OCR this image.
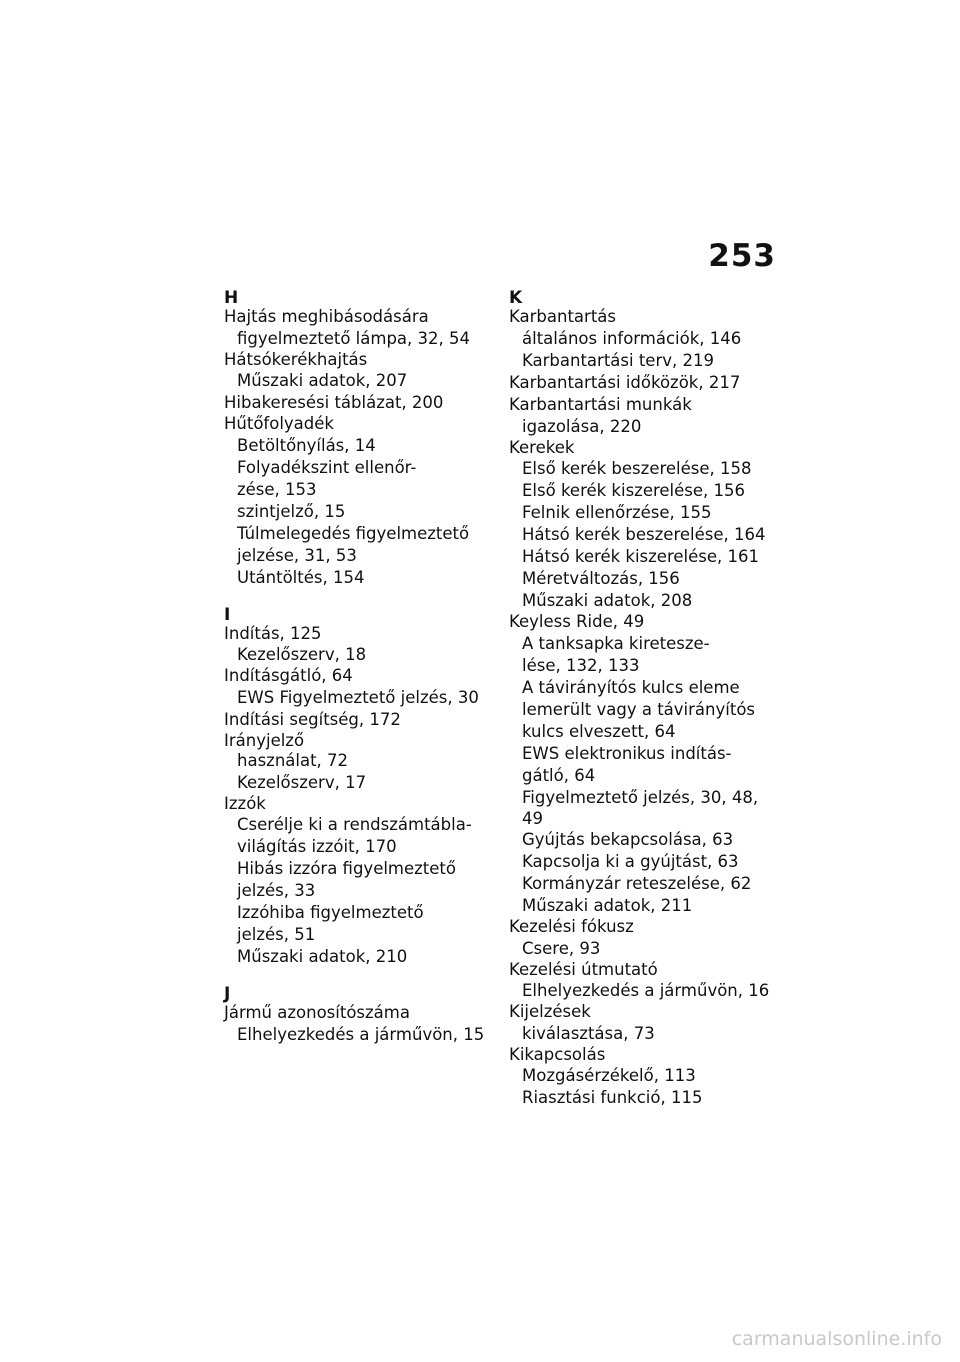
253
H
Hajtás meghibásodására
figyelmeztető lámpa, 32, 54
Hátsókerékhajtás
Műszaki adatok, 207
Hibakeresési táblázat, 200
Hűtőfolyadék
Betöltőnyílás, 14
Folyadékszint ellenőr-
zése, 153
szintjelző, 15
Túlmelegedés figyelmeztető
jelzése, 31, 53
Utántöltés, 154
I
Indítás, 125
Kezelőszerv, 18
Indításgátló, 64
EWS Figyelmeztető jelzés, 30
Indítási segítség, 172
Irányjelző
használat, 72
Kezelőszerv, 17
Izzók
Cserélje ki a rendszámtábla-
világítás izzóit, 170
Hibás izzóra figyelmeztető
jelzés, 33
Izzóhiba figyelmeztető
jelzés, 51
Műszaki adatok, 210
J
Jármű azonosítószáma
Elhelyezkedés a járművön, 15
K
Karbantartás
általános információk, 146
Karbantartási terv, 219
Karbantartási időközök, 217
Karbantartási munkák
igazolása, 220
Kerekek
Első kerék beszerelése, 158
Első kerék kiszerelése, 156
Felnik ellenőrzése, 155
Hátsó kerék beszerelése, 164
Hátsó kerék kiszerelése, 161
Méretváltozás, 156
Műszaki adatok, 208
Keyless Ride, 49
A tanksapka kiretesze-
lése, 132, 133
A távirányítós kulcs eleme
lemerült vagy a távirányítós
kulcs elveszett, 64
EWS elektronikus indítás-
gátló, 64
Figyelmeztető jelzés, 30, 48,
49
Gyújtás bekapcsolása, 63
Kapcsolja ki a gyújtást, 63
Kormányzár reteszelése, 62
Műszaki adatok, 211
Kezelési fókusz
Csere, 93
Kezelési útmutató
Elhelyezkedés a járművön, 16
Kijelzések
kiválasztása, 73
Kikapcsolás
Mozgásérzékelő, 113
Riasztási funkció, 115
carmanualsonline.info
